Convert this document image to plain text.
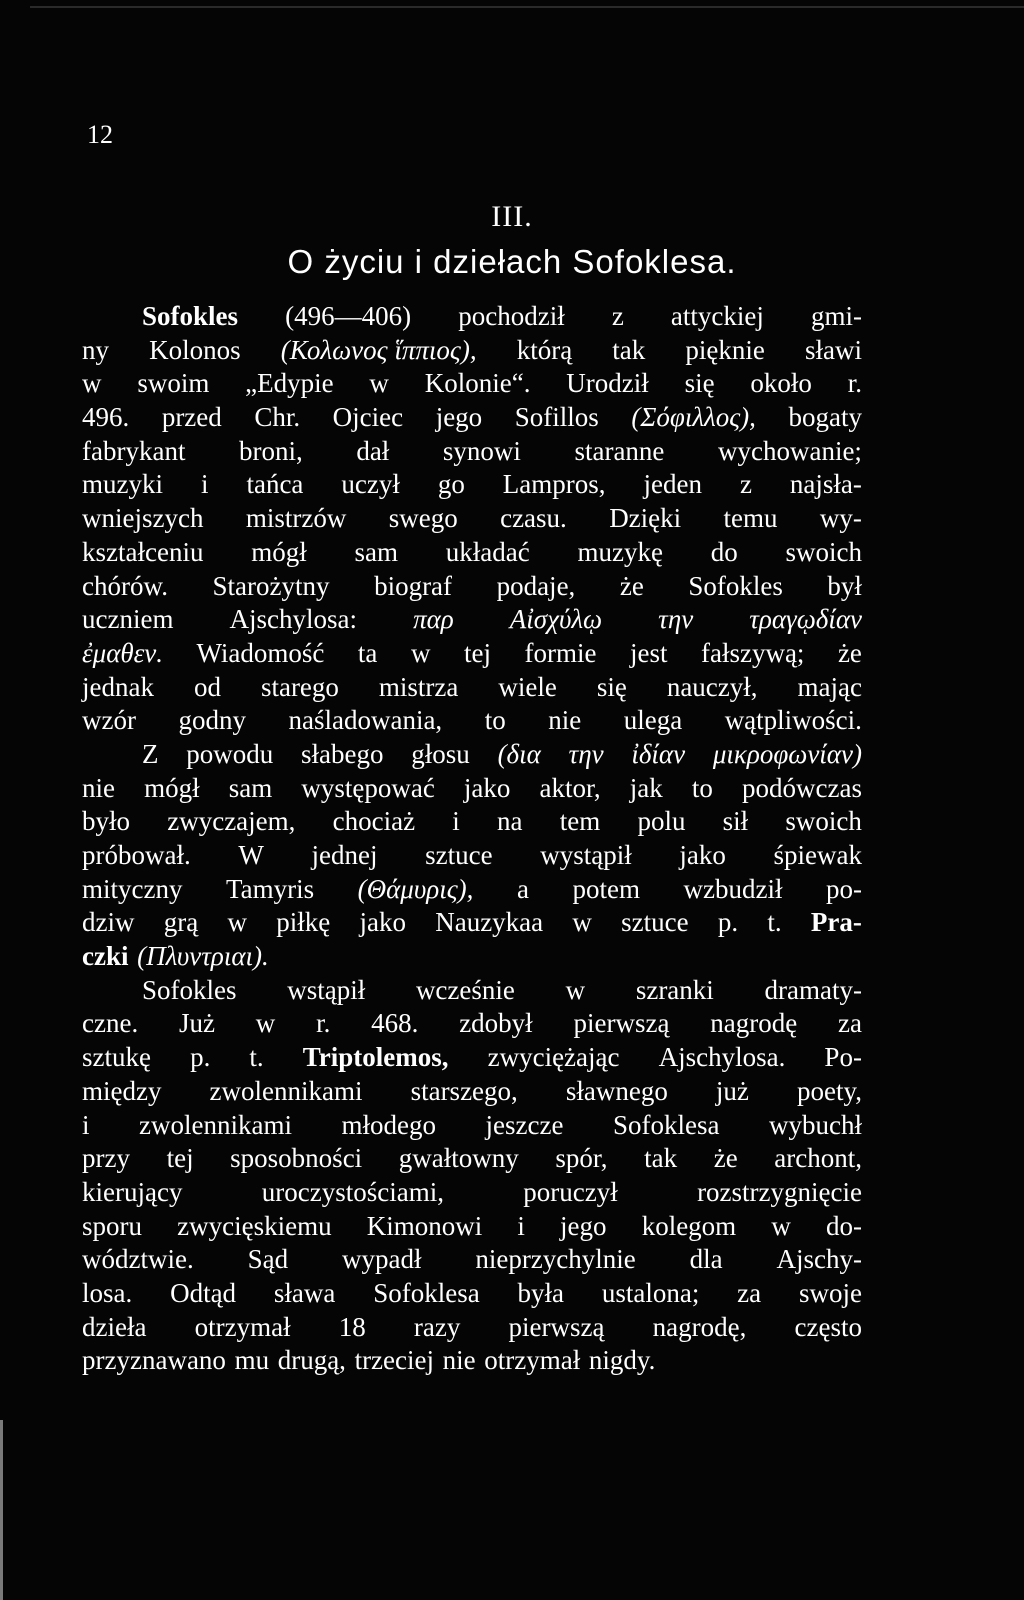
12
III.
O życiu i dziełach Sofoklesa.
Sofokles (496—406) pochodził z attyckiej gmi-
ny Kolonos (Κολωνος ἵππιος), którą tak pięknie sławi
w swoim „Edypie w Kolonie“. Urodził się około r.
496. przed Chr. Ojciec jego Sofillos (Σόφιλλος), bogaty
fabrykant broni, dał synowi staranne wychowanie;
muzyki i tańca uczył go Lampros, jeden z najsła-
wniejszych mistrzów swego czasu. Dzięki temu wy-
kształceniu mógł sam układać muzykę do swoich
chórów. Starożytny biograf podaje, że Sofokles był
uczniem Ajschylosa: παρ Αἰσχύλῳ την τραγῳδίαν
ἐμαθεν. Wiadomość ta w tej formie jest fałszywą; że
jednak od starego mistrza wiele się nauczył, mając
wzór godny naśladowania, to nie ulega wątpliwości.
Z powodu słabego głosu (δια την ἰδίαν μικροφωνίαν)
nie mógł sam występować jako aktor, jak to podówczas
było zwyczajem, chociaż i na tem polu sił swoich
próbował. W jednej sztuce wystąpił jako śpiewak
mityczny Tamyris (Θάμυρις), a potem wzbudził po-
dziw grą w piłkę jako Nauzykaa w sztuce p. t. Pra-
czki (Πλυντριαι).
Sofokles wstąpił wcześnie w szranki dramaty-
czne. Już w r. 468. zdobył pierwszą nagrodę za
sztukę p. t. Triptolemos, zwyciężając Ajschylosa. Po-
między zwolennikami starszego, sławnego już poety,
i zwolennikami młodego jeszcze Sofoklesa wybuchł
przy tej sposobności gwałtowny spór, tak że archont,
kierujący	uroczystościami,	poruczył	rozstrzygnięcie
sporu zwycięskiemu Kimonowi i jego kolegom w do-
wództwie. Sąd wypadł nieprzychylnie dla Ajschy-
losa. Odtąd sława Sofoklesa była ustalona; za swoje
dzieła otrzymał 18 razy pierwszą nagrodę, często
przyznawano mu drugą, trzeciej nie otrzymał nigdy.
